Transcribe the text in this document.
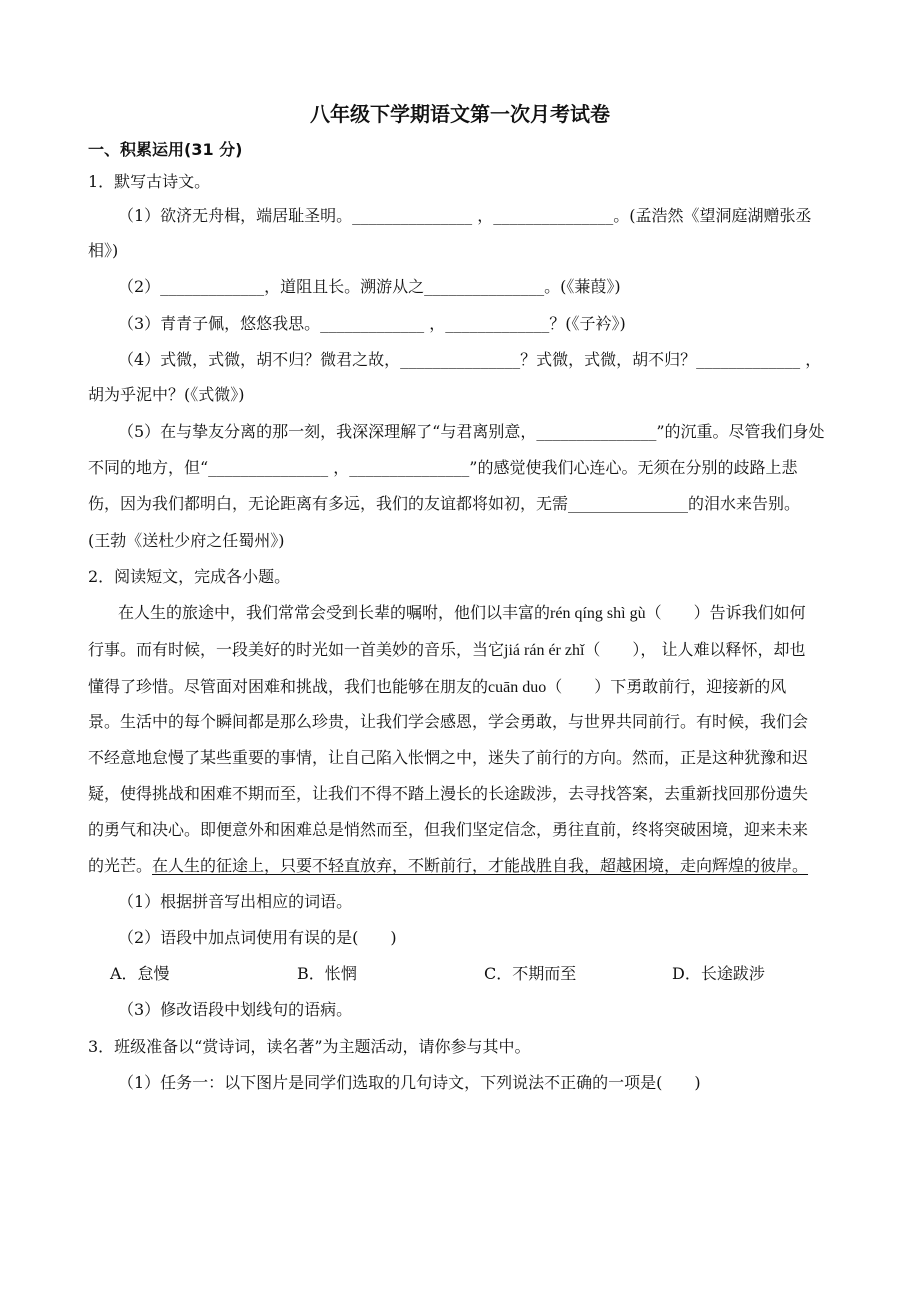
八年级下学期语文第一次月考试卷
一、积累运用(31 分)
1．默写古诗文。
（1）欲济无舟楫，端居耻圣明。_______________ ，_______________。(孟浩然《望洞庭湖赠张丞
相》)
（2）_____________，道阻且长。溯游从之_______________。(《蒹葭》)
（3）青青子佩，悠悠我思。_____________ ，_____________？(《子衿》)
（4）式微，式微，胡不归？微君之故，_______________？式微，式微，胡不归？_____________ ，
胡为乎泥中？(《式微》)
（5）在与挚友分离的那一刻，我深深理解了“与君离别意，_______________”的沉重。尽管我们身处
不同的地方，但“_______________ ，_______________”的感觉使我们心连心。无须在分别的歧路上悲
伤，因为我们都明白，无论距离有多远，我们的友谊都将如初，无需_______________的泪水来告别。
(王勃《送杜少府之任蜀州》)
2．阅读短文，完成各小题。
在人生的旅途中，我们常常会受到长辈的嘱咐，他们以丰富的rén qíng shì gù（　　）告诉我们如何
行事。而有时候，一段美好的时光如一首美妙的音乐，当它jiá rán ér zhǐ（　　）， 让人难以释怀，却也
懂得了珍惜。尽管面对困难和挑战，我们也能够在朋友的cuān duo（　　）下勇敢前行，迎接新的风
景。生活中的每个瞬间都是那么珍贵，让我们学会感恩，学会勇敢，与世界共同前行。有时候，我们会
不经意地怠慢了某些重要的事情，让自己陷入怅惘之中，迷失了前行的方向。然而，正是这种犹豫和迟
疑，使得挑战和困难不期而至，让我们不得不踏上漫长的长途跋涉，去寻找答案，去重新找回那份遗失
的勇气和决心。即便意外和困难总是悄然而至，但我们坚定信念，勇往直前，终将突破困境，迎来未来
的光芒。在人生的征途上，只要不轻直放弃，不断前行，才能战胜自我，超越困境，走向辉煌的彼岸。
（1）根据拼音写出相应的词语。
（2）语段中加点词使用有误的是(　　)
A．怠慢	B．怅惘	C．不期而至	D．长途跋涉
（3）修改语段中划线句的语病。
3．班级准备以“赏诗词，读名著”为主题活动，请你参与其中。
（1）任务一：以下图片是同学们选取的几句诗文，下列说法不正确的一项是(　　)
